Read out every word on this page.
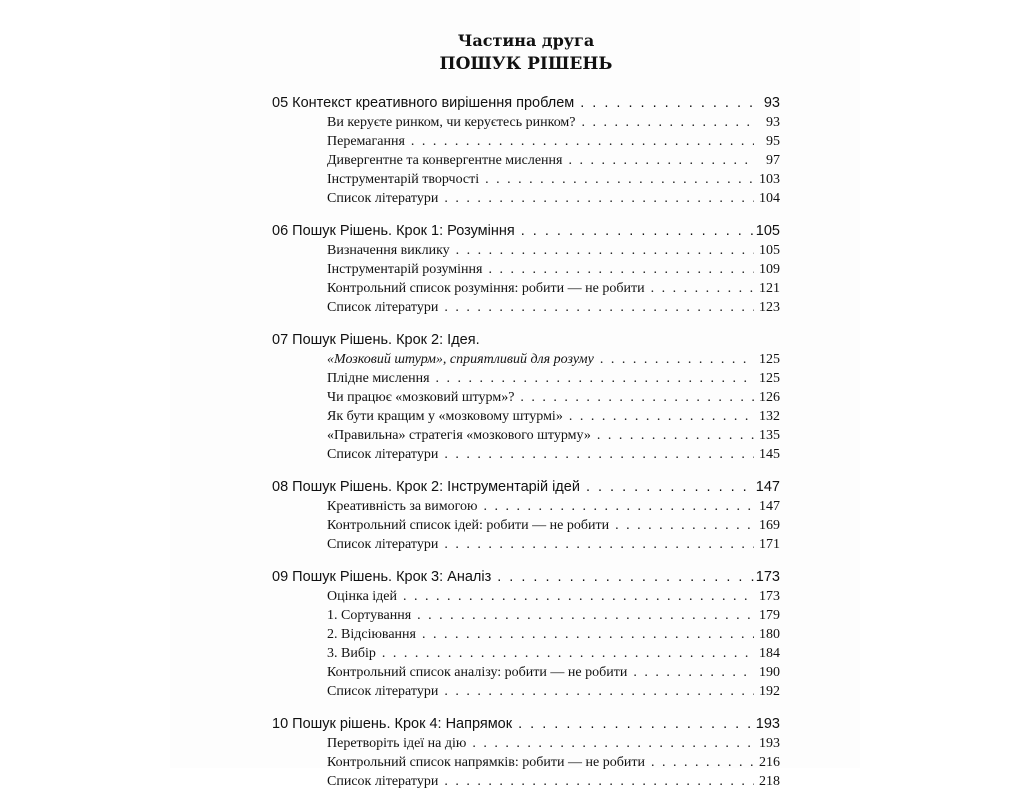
Частина друга
ПОШУК РІШЕНЬ
05 Контекст креативного вирішення проблем . . .	93
Ви керуєте ринком, чи керуєтесь ринком? . . .	93
Перемагання . . .	95
Дивергентне та конвергентне мислення . . .	97
Інструментарій творчості . . .	103
Список літератури . . .	104
06 Пошук Рішень. Крок 1: Розуміння . . .	105
Визначення виклику . . .	105
Інструментарій розуміння . . .	109
Контрольний список розуміння: робити — не робити . . .	121
Список літератури . . .	123
07 Пошук Рішень. Крок 2: Ідея.
«Мозковий штурм», сприятливий для розуму . . .	125
Плідне мислення . . .	125
Чи працює «мозковий штурм»? . . .	126
Як бути кращим у «мозковому штурмі» . . .	132
«Правильна» стратегія «мозкового штурму» . . .	135
Список літератури . . .	145
08 Пошук Рішень. Крок 2: Інструментарій ідей . . .	147
Креативність за вимогою . . .	147
Контрольний список ідей: робити — не робити . . .	169
Список літератури . . .	171
09 Пошук Рішень. Крок 3: Аналіз . . .	173
Оцінка ідей . . .	173
1. Сортування . . .	179
2. Відсіювання . . .	180
3. Вибір . . .	184
Контрольний список аналізу: робити — не робити . . .	190
Список літератури . . .	192
10 Пошук рішень. Крок 4: Напрямок . . .	193
Перетворіть ідеї на дію . . .	193
Контрольний список напрямків: робити — не робити . . .	216
Список літератури . . .	218
